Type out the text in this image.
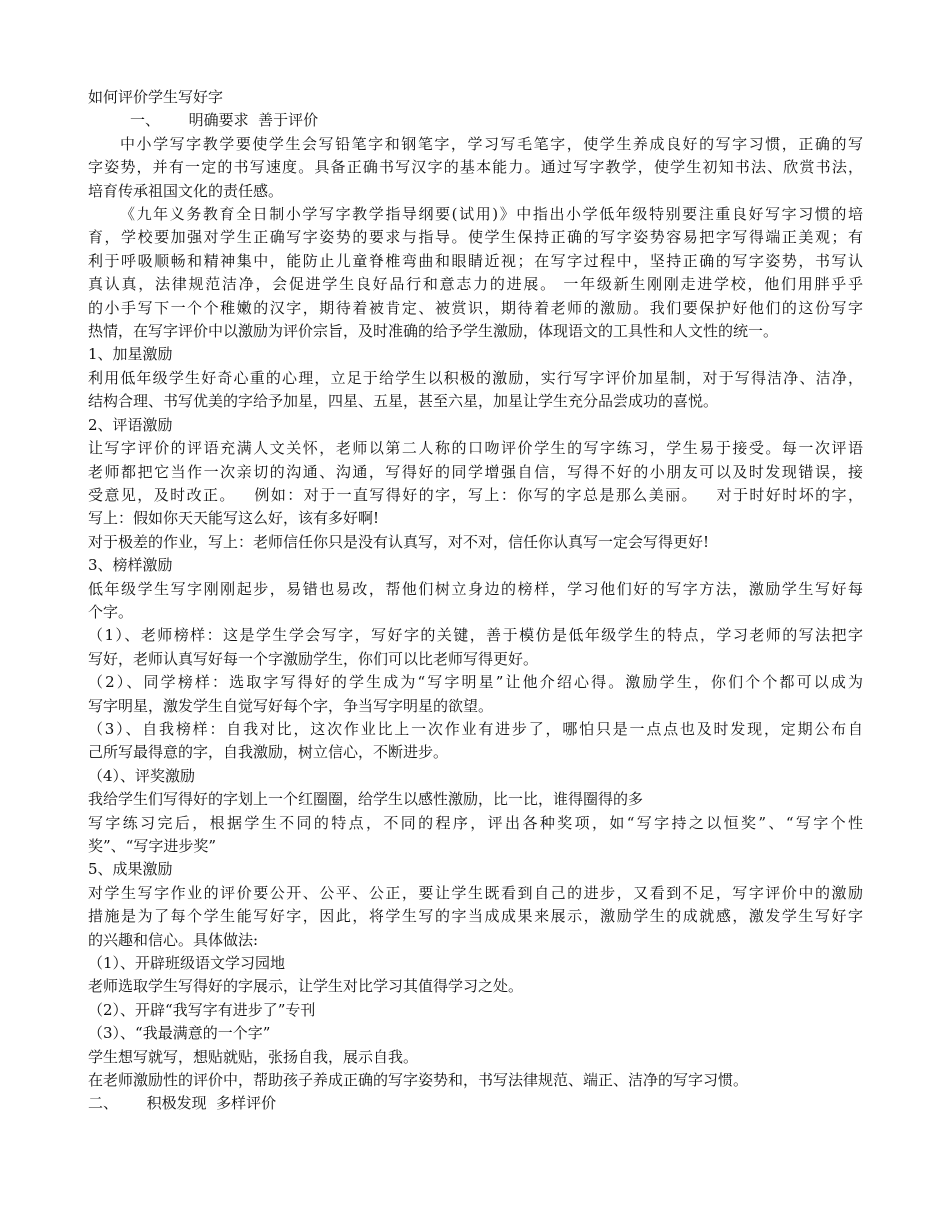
如何评价学生写好字
一、      明确要求  善于评价
中小学写字教学要使学生会写铅笔字和钢笔字，学习写毛笔字，使学生养成良好的写字习惯，正确的写
字姿势，并有一定的书写速度。具备正确书写汉字的基本能力。通过写字教学，使学生初知书法、欣赏书法，
培育传承祖国文化的责任感。
《九年义务教育全日制小学写字教学指导纲要(试用)》中指出小学低年级特别要注重良好写字习惯的培
育，学校要加强对学生正确写字姿势的要求与指导。使学生保持正确的写字姿势容易把字写得端正美观；有
利于呼吸顺畅和精神集中，能防止儿童脊椎弯曲和眼睛近视；在写字过程中，坚持正确的写字姿势，书写认
真认真，法律规范洁净，会促进学生良好品行和意志力的进展。 一年级新生刚刚走进学校，他们用胖乎乎
的小手写下一个个稚嫩的汉字，期待着被肯定、被赏识，期待着老师的激励。我们要保护好他们的这份写字
热情，在写字评价中以激励为评价宗旨，及时准确的给予学生激励，体现语文的工具性和人文性的统一。
1、加星激励
利用低年级学生好奇心重的心理，立足于给学生以积极的激励，实行写字评价加星制，对于写得洁净、洁净，
结构合理、书写优美的字给予加星，四星、五星，甚至六星，加星让学生充分品尝成功的喜悦。
2、评语激励
让写字评价的评语充满人文关怀，老师以第二人称的口吻评价学生的写字练习，学生易于接受。每一次评语
老师都把它当作一次亲切的沟通、沟通，写得好的同学增强自信，写得不好的小朋友可以及时发现错误，接
受意见，及时改正。   例如：对于一直写得好的字，写上：你写的字总是那么美丽。   对于时好时坏的字，
写上：假如你天天能写这么好，该有多好啊!
对于极差的作业，写上：老师信任你只是没有认真写，对不对，信任你认真写一定会写得更好!
3、榜样激励
低年级学生写字刚刚起步，易错也易改，帮他们树立身边的榜样，学习他们好的写字方法，激励学生写好每
个字。
（1）、老师榜样：这是学生学会写字，写好字的关键，善于模仿是低年级学生的特点，学习老师的写法把字
写好，老师认真写好每一个字激励学生，你们可以比老师写得更好。
（2）、同学榜样：选取字写得好的学生成为“写字明星”让他介绍心得。激励学生，你们个个都可以成为
写字明星，激发学生自觉写好每个字，争当写字明星的欲望。
（3）、自我榜样：自我对比，这次作业比上一次作业有进步了，哪怕只是一点点也及时发现，定期公布自
己所写最得意的字，自我激励，树立信心，不断进步。
（4）、评奖激励
我给学生们写得好的字划上一个红圈圈，给学生以感性激励，比一比，谁得圈得的多
写字练习完后，根据学生不同的特点，不同的程序，评出各种奖项，如“写字持之以恒奖”、“写字个性
奖”、“写字进步奖”
5、成果激励
对学生写字作业的评价要公开、公平、公正，要让学生既看到自己的进步，又看到不足，写字评价中的激励
措施是为了每个学生能写好字，因此，将学生写的字当成成果来展示，激励学生的成就感，激发学生写好字
的兴趣和信心。具体做法:
（1）、开辟班级语文学习园地
老师选取学生写得好的字展示，让学生对比学习其值得学习之处。
（2）、开辟“我写字有进步了”专刊
（3）、“我最满意的一个字”
学生想写就写，想贴就贴，张扬自我，展示自我。
在老师激励性的评价中，帮助孩子养成正确的写字姿势和，书写法律规范、端正、洁净的写字习惯。
二、      积极发现  多样评价
